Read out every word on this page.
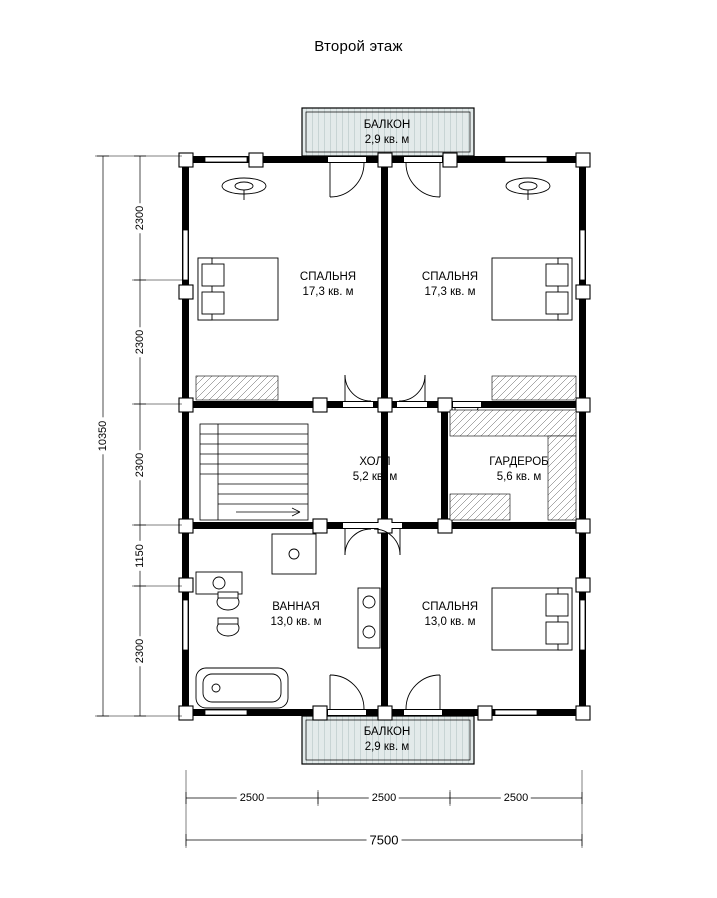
Второй этаж
БАЛКОН
2,9 кв. м
СПАЛЬНЯ
17,3 кв. м
СПАЛЬНЯ
17,3 кв. м
ХОЛЛ
5,2 кв. м
ГАРДЕРОБ
5,6 кв. м
ВАННАЯ
13,0 кв. м
СПАЛЬНЯ
13,0 кв. м
БАЛКОН
2,9 кв. м
10350
2300
2300
2300
1150
2300
2500	2500	2500
7500
